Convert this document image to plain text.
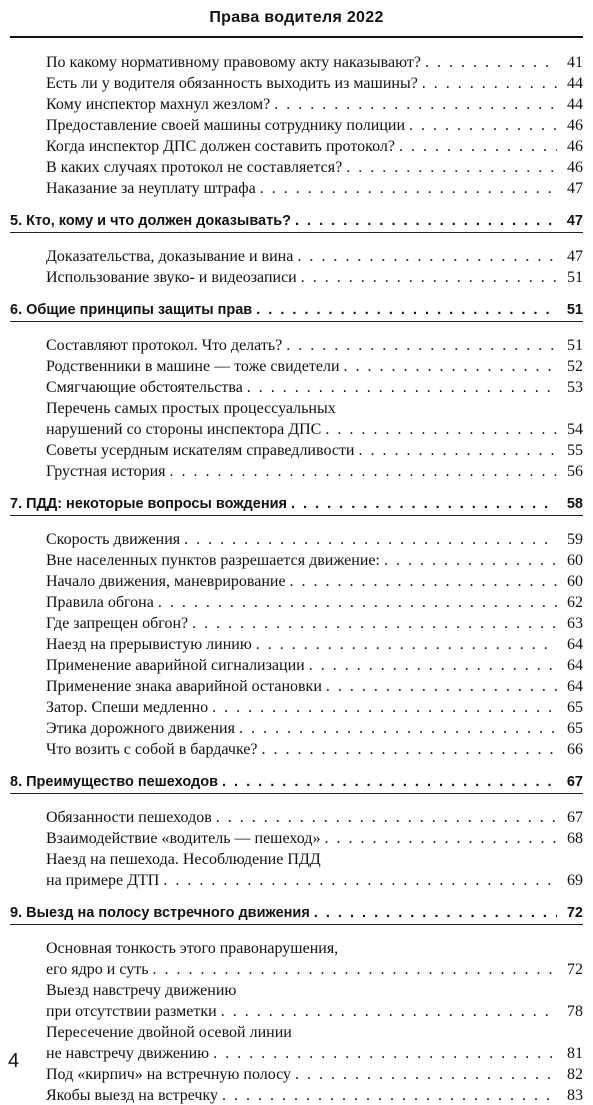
Права водителя 2022
По какому нормативному правовому акту наказывают? . . .	41
Есть ли у водителя обязанность выходить из машины? . . .	44
Кому инспектор махнул жезлом? . . .	44
Предоставление своей машины сотруднику полиции . . .	46
Когда инспектор ДПС должен составить протокол? . . .	46
В каких случаях протокол не составляется? . . .	46
Наказание за неуплату штрафа . . .	47
5. Кто, кому и что должен доказывать? . . .	47
Доказательства, доказывание и вина . . .	47
Использование звуко- и видеозаписи . . .	51
6. Общие принципы защиты прав . . .	51
Составляют протокол. Что делать? . . .	51
Родственники в машине — тоже свидетели . . .	52
Смягчающие обстоятельства . . .	53
Перечень самых простых процессуальных
нарушений со стороны инспектора ДПС . . .	54
Советы усердным искателям справедливости . . .	55
Грустная история . . .	56
7. ПДД: некоторые вопросы вождения . . .	58
Скорость движения . . .	59
Вне населенных пунктов разрешается движение: . . .	60
Начало движения, маневрирование . . .	60
Правила обгона . . .	62
Где запрещен обгон? . . .	63
Наезд на прерывистую линию . . .	64
Применение аварийной сигнализации . . .	64
Применение знака аварийной остановки . . .	64
Затор. Спеши медленно . . .	65
Этика дорожного движения . . .	65
Что возить с собой в бардачке? . . .	66
8. Преимущество пешеходов . . .	67
Обязанности пешеходов . . .	67
Взаимодействие «водитель — пешеход» . . .	68
Наезд на пешехода. Несоблюдение ПДД
на примере ДТП . . .	69
9. Выезд на полосу встречного движения . . .	72
Основная тонкость этого правонарушения,
его ядро и суть . . .	72
Выезд навстречу движению
при отсутствии разметки . . .	78
Пересечение двойной осевой линии
не навстречу движению . . .	81
Под «кирпич» на встречную полосу . . .	82
Якобы выезд на встречку . . .	83
4
